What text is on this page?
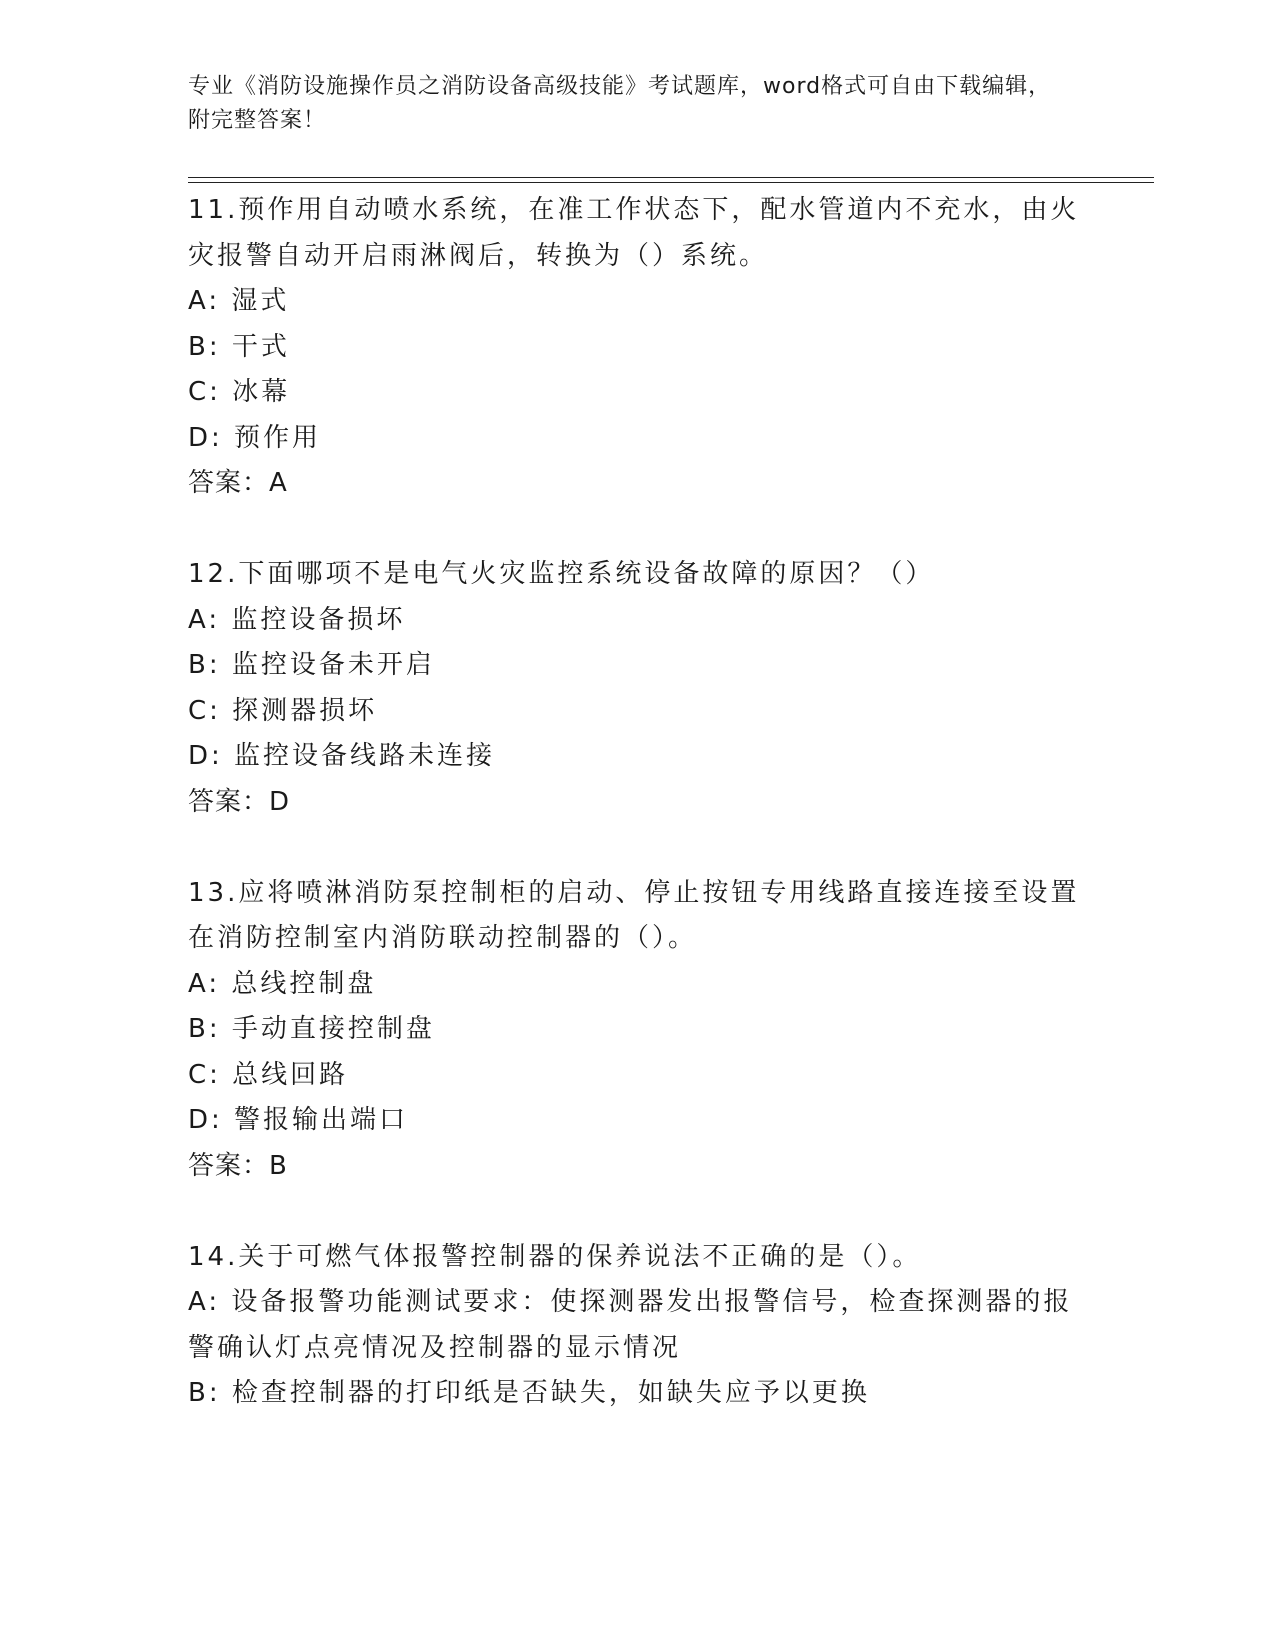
专业《消防设施操作员之消防设备高级技能》考试题库，word格式可自由下载编辑，附完整答案！

11.预作用自动喷水系统，在准工作状态下，配水管道内不充水，由火灾报警自动开启雨淋阀后，转换为（）系统。

A: 湿式

B: 干式

C: 冰幕

D: 预作用

答案：A

12.下面哪项不是电气火灾监控系统设备故障的原因？（）

A: 监控设备损坏

B: 监控设备未开启

C: 探测器损坏

D: 监控设备线路未连接

答案：D

13.应将喷淋消防泵控制柜的启动、停止按钮专用线路直接连接至设置在消防控制室内消防联动控制器的（）。

A: 总线控制盘

B: 手动直接控制盘

C: 总线回路

D: 警报输出端口

答案：B

14.关于可燃气体报警控制器的保养说法不正确的是（）。

A: 设备报警功能测试要求：使探测器发出报警信号，检查探测器的报警确认灯点亮情况及控制器的显示情况

B: 检查控制器的打印纸是否缺失，如缺失应予以更换
